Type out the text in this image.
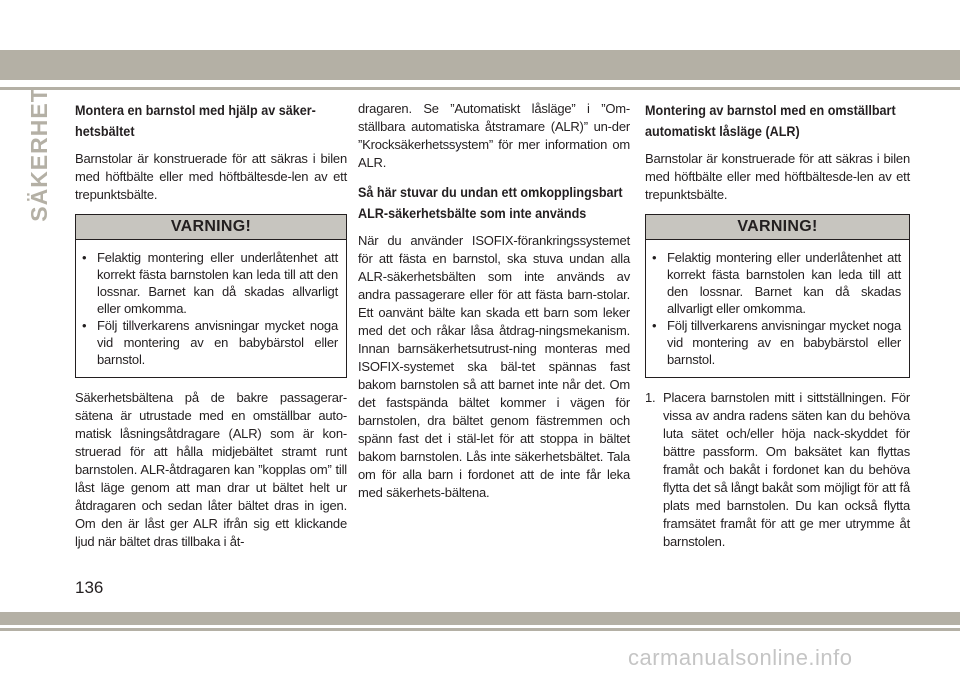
SÄKERHET Montera en barnstol med hjälp av säker-hetsbältet

Barnstolar är konstruerade för att säkras i bilen med höftbälte eller med höftbältesde-len av ett trepunktsbälte.

VARNING!
• Felaktig montering eller underlåtenhet att korrekt fästa barnstolen kan leda till att den lossnar. Barnet kan då skadas allvarligt eller omkomma.
• Följ tillverkarens anvisningar mycket noga vid montering av en babybärstol eller barnstol.

Säkerhetsbältena på de bakre passagerar-sätena är utrustade med en omställbar auto-matisk låsningsåtdragare (ALR) som är kon-struerad för att hålla midjebältet stramt runt barnstolen. ALR-åtdragaren kan ”kopplas om” till låst läge genom att man drar ut bältet helt ur åtdragaren och sedan låter bältet dras in igen. Om den är låst ger ALR ifrån sig ett klickande ljud när bältet dras tillbaka i åt-

dragaren. Se ”Automatiskt låsläge” i ”Om-ställbara automatiska åtstramare (ALR)” un-der ”Krocksäkerhetssystem” för mer information om ALR.

Så här stuvar du undan ett omkopplingsbart ALR-säkerhetsbälte som inte används

När du använder ISOFIX-förankringssystemet för att fästa en barnstol, ska stuva undan alla ALR-säkerhetsbälten som inte används av andra passagerare eller för att fästa barn-stolar. Ett oanvänt bälte kan skada ett barn som leker med det och råkar låsa åtdrag-ningsmekanism. Innan barnsäkerhetsutrust-ning monteras med ISOFIX-systemet ska bäl-tet spännas fast bakom barnstolen så att barnet inte når det. Om det fastspända bältet kommer i vägen för barnstolen, dra bältet genom fästremmen och spänn fast det i stäl-let för att stoppa in bältet bakom barnstolen. Lås inte säkerhetsbältet. Tala om för alla barn i fordonet att de inte får leka med säkerhets-bältena.

Montering av barnstol med en omställbart automatiskt låsläge (ALR)

Barnstolar är konstruerade för att säkras i bilen med höftbälte eller med höftbältesde-len av ett trepunktsbälte.

VARNING!
• Felaktig montering eller underlåtenhet att korrekt fästa barnstolen kan leda till att den lossnar. Barnet kan då skadas allvarligt eller omkomma.
• Följ tillverkarens anvisningar mycket noga vid montering av en babybärstol eller barnstol.
1. Placera barnstolen mitt i sittställningen. För vissa av andra radens säten kan du behöva luta sätet och/eller höja nack-skyddet för bättre passform. Om baksätet kan flyttas framåt och bakåt i fordonet kan du behöva flytta det så långt bakåt som möjligt för att få plats med barnstolen. Du kan också flytta framsätet framåt för att ge mer utrymme åt barnstolen.
136
carmanualsonline.info
